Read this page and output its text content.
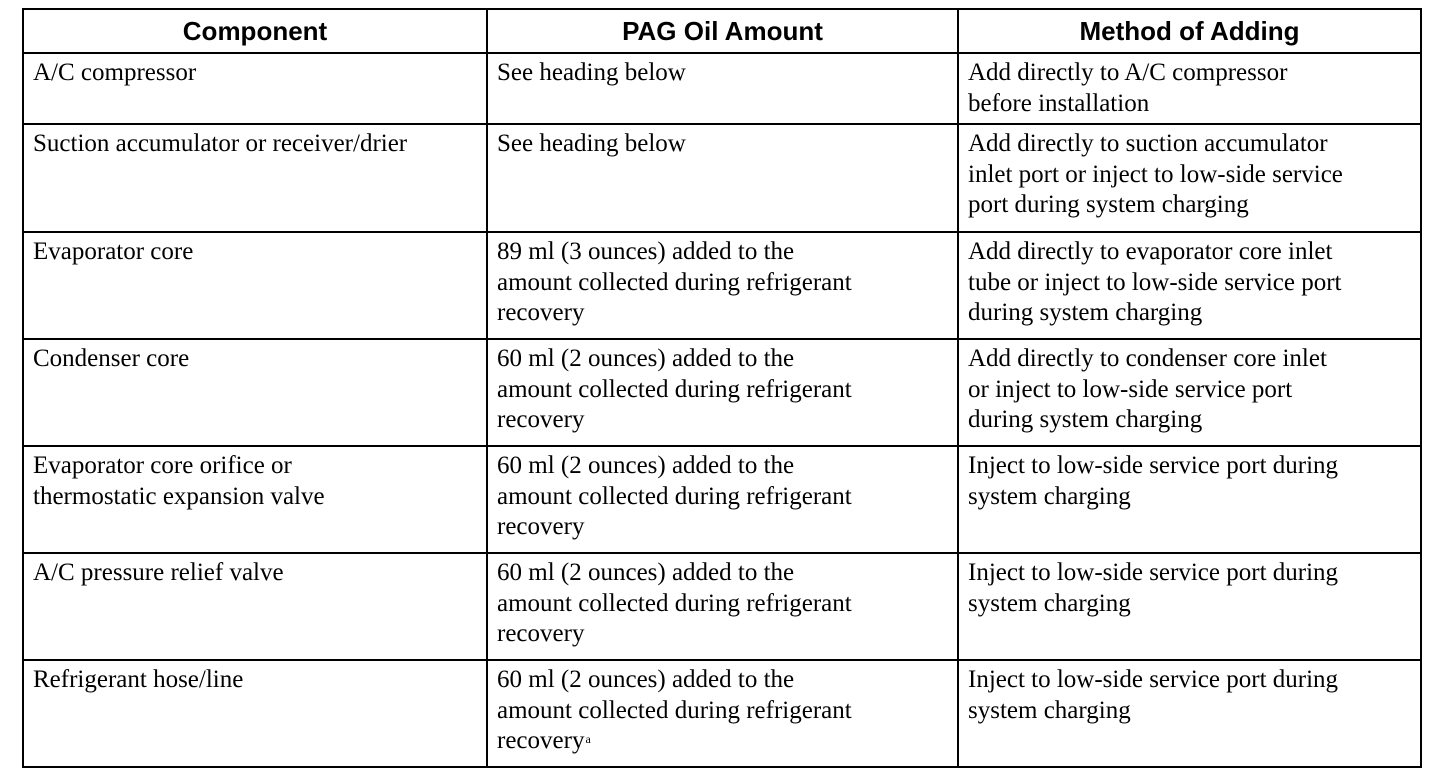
Component	PAG Oil Amount	Method of Adding

A/C compressor	See heading below	Add directly to A/C compressor
before installation

Suction accumulator or receiver/drier	See heading below	Add directly to suction accumulator
inlet port or inject to low-side service
port during system charging

Evaporator core	89 ml (3 ounces) added to the
amount collected during refrigerant
recovery	Add directly to evaporator core inlet
tube or inject to low-side service port
during system charging

Condenser core	60 ml (2 ounces) added to the
amount collected during refrigerant
recovery	Add directly to condenser core inlet
or inject to low-side service port
during system charging

Evaporator core orifice or
thermostatic expansion valve	60 ml (2 ounces) added to the
amount collected during refrigerant
recovery	Inject to low-side service port during
system charging

A/C pressure relief valve	60 ml (2 ounces) added to the
amount collected during refrigerant
recovery	Inject to low-side service port during
system charging

Refrigerant hose/line	60 ml (2 ounces) added to the
amount collected during refrigerant
recovery$^a$	Inject to low-side service port during
system charging
